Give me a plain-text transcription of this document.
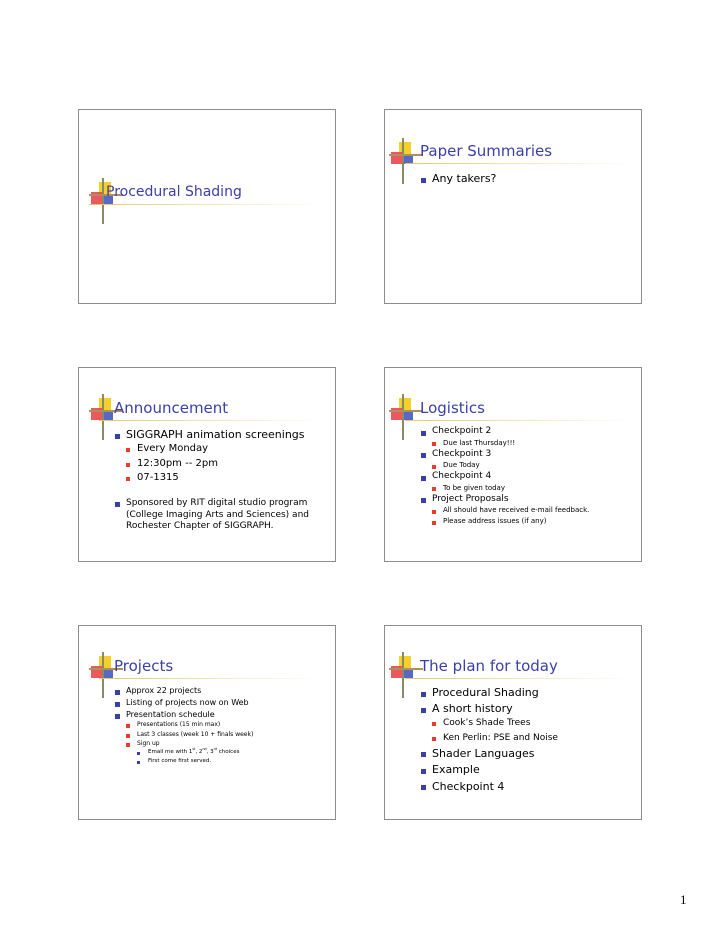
Procedural Shading
Paper Summaries
Any takers?
Announcement
SIGGRAPH animation screenings
Every Monday
12:30pm -- 2pm
07-1315
Sponsored by RIT digital studio program
(College Imaging Arts and Sciences) and
Rochester Chapter of SIGGRAPH.
Logistics
Checkpoint 2
Due last Thursday!!!
Checkpoint 3
Due Today
Checkpoint 4
To be given today
Project Proposals
All should have received e-mail feedback.
Please address issues (if any)
Projects
Approx 22 projects
Listing of projects now on Web
Presentation schedule
Presentations (15 min max)
Last 3 classes (week 10 + finals week)
Sign up
Email me with 1st, 2nd, 3rd choices
First come first served.
The plan for today
Procedural Shading
A short history
Cook’s Shade Trees
Ken Perlin: PSE and Noise
Shader Languages
Example
Checkpoint 4
1
